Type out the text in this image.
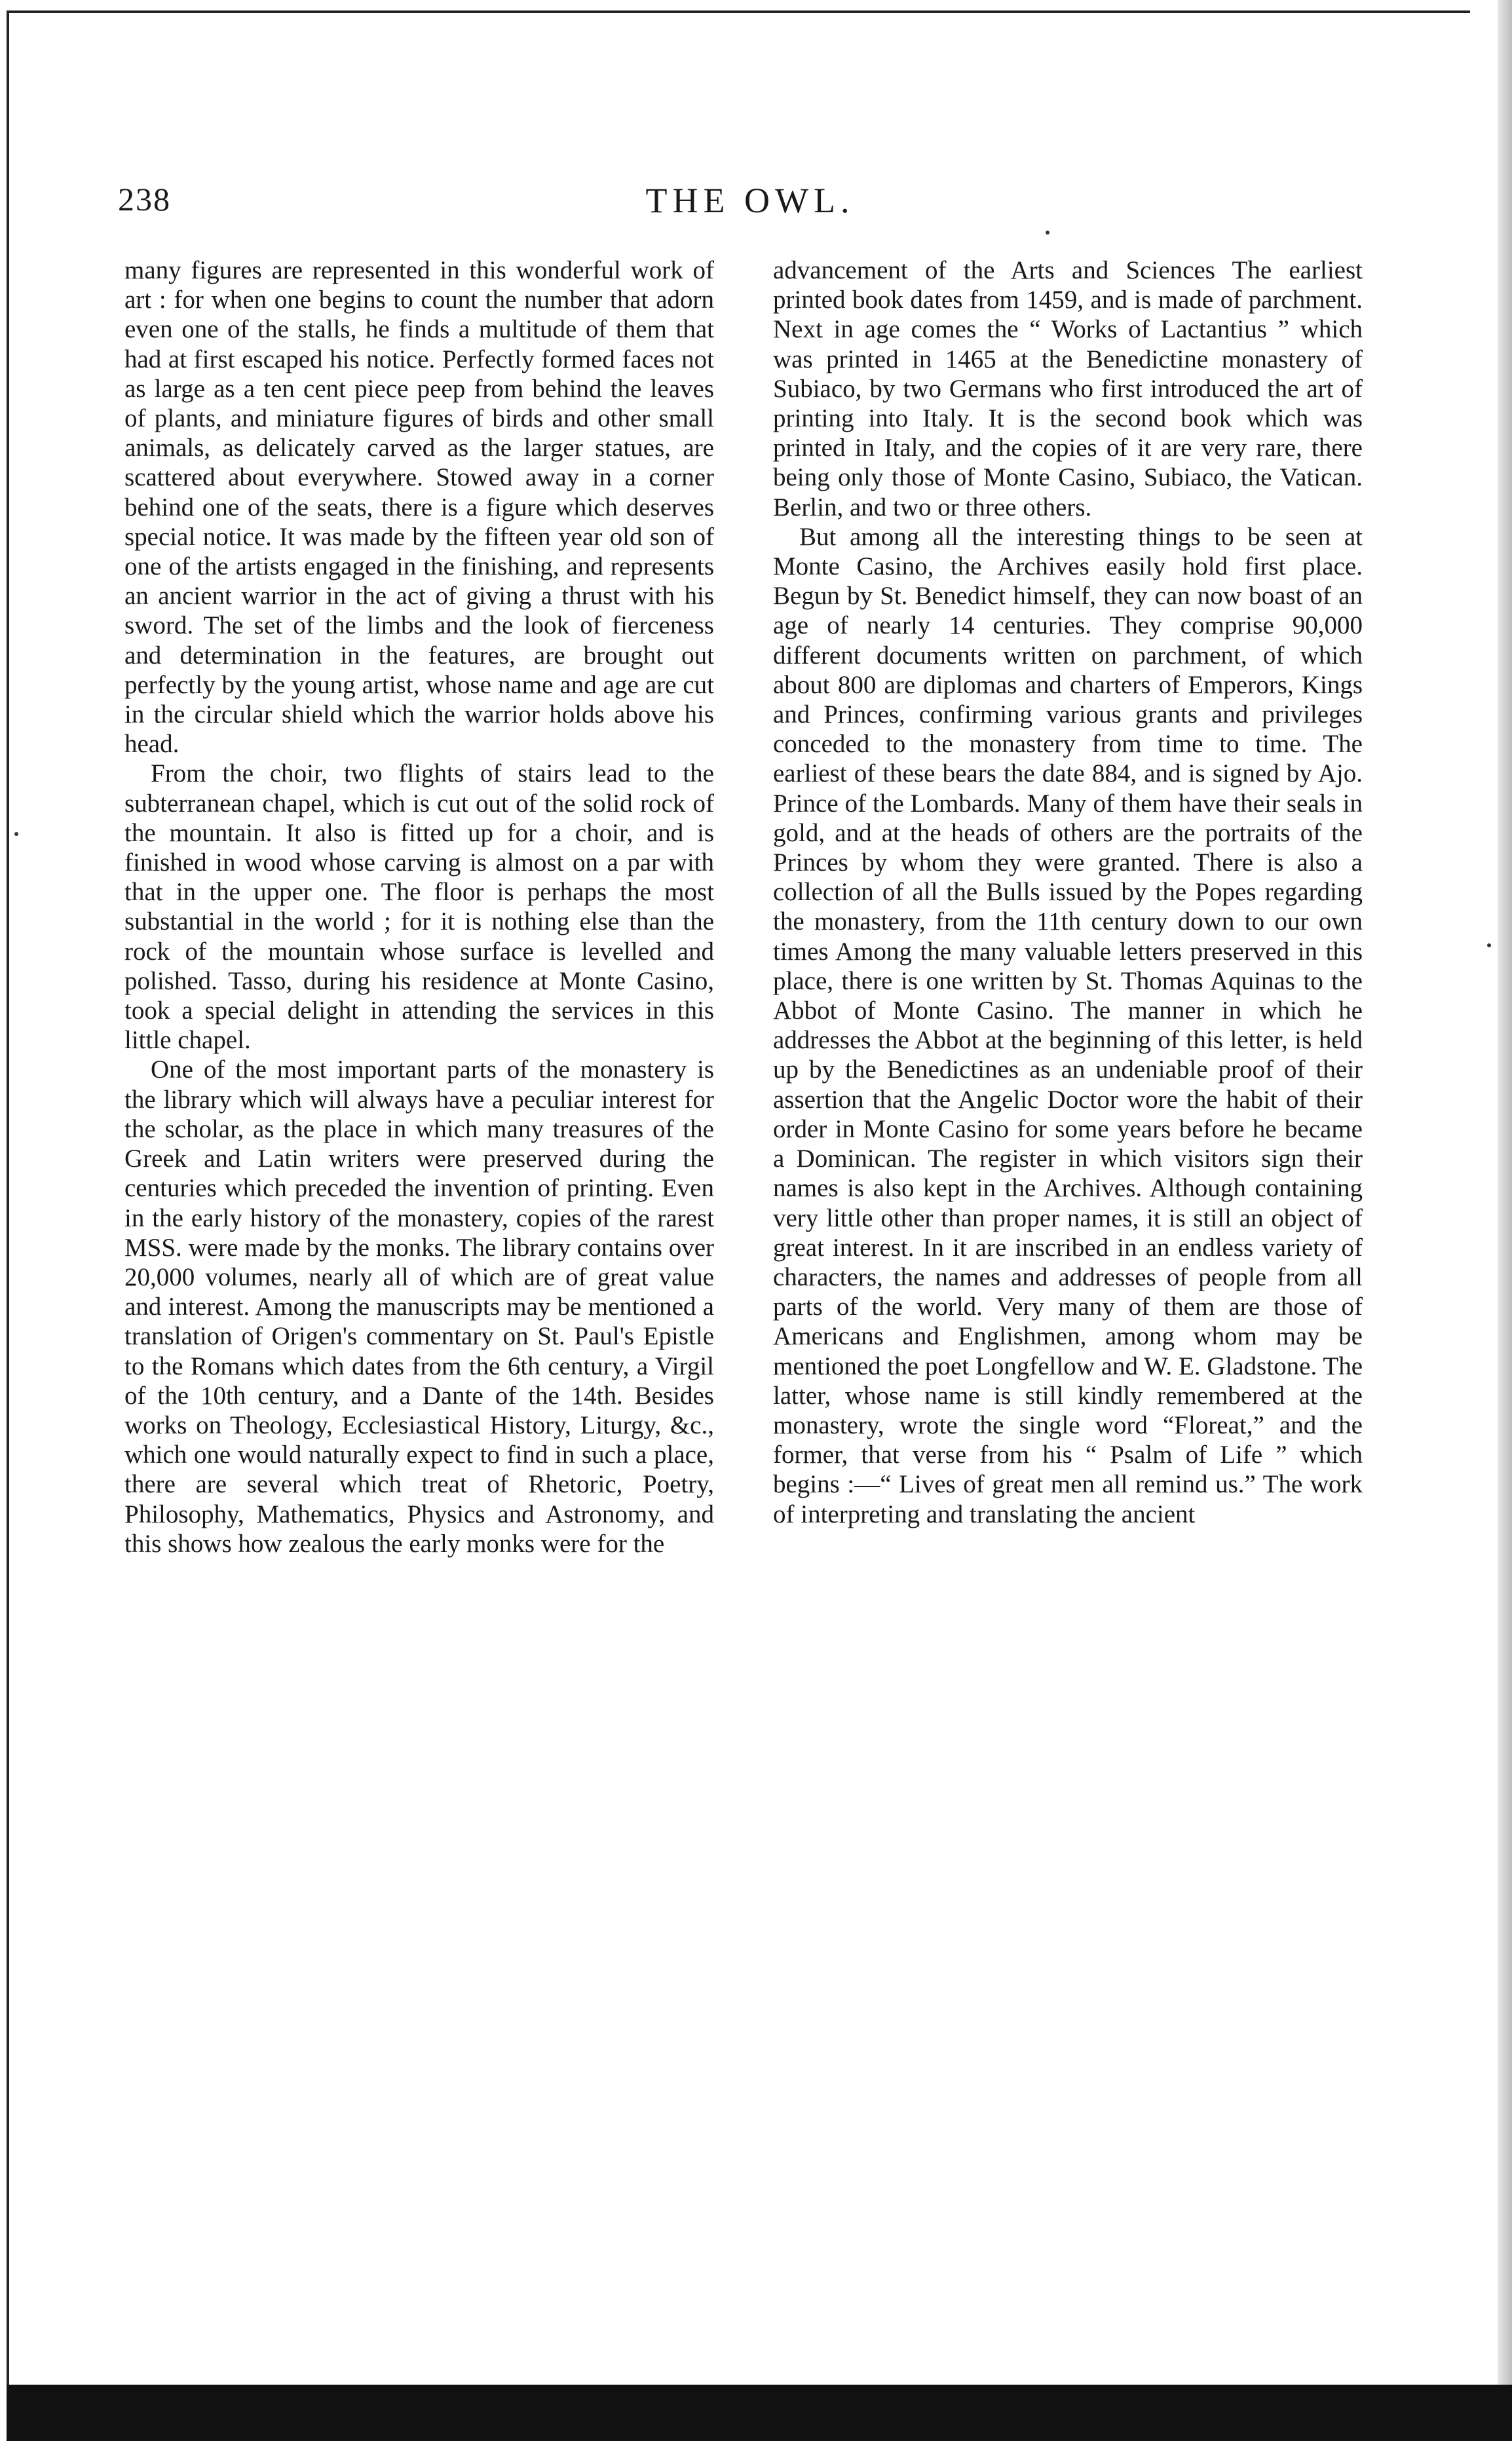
238	THE OWL.

many figures are represented in this wonderful work of art : for when one begins to count the number that adorn even one of the stalls, he finds a multitude of them that had at first escaped his notice. Perfectly formed faces not as large as a ten cent piece peep from behind the leaves of plants, and miniature figures of birds and other small animals, as delicately carved as the larger statues, are scattered about everywhere. Stowed away in a corner behind one of the seats, there is a figure which deserves special notice. It was made by the fifteen year old son of one of the artists engaged in the finishing, and represents an ancient warrior in the act of giving a thrust with his sword. The set of the limbs and the look of fierceness and determination in the features, are brought out perfectly by the young artist, whose name and age are cut in the circular shield which the warrior holds above his head.

From the choir, two flights of stairs lead to the subterranean chapel, which is cut out of the solid rock of the mountain. It also is fitted up for a choir, and is finished in wood whose carving is almost on a par with that in the upper one. The floor is perhaps the most substantial in the world ; for it is nothing else than the rock of the mountain whose surface is levelled and polished. Tasso, during his residence at Monte Casino, took a special delight in attending the services in this little chapel.

One of the most important parts of the monastery is the library which will always have a peculiar interest for the scholar, as the place in which many treasures of the Greek and Latin writers were preserved during the centuries which preceded the invention of printing. Even in the early history of the monastery, copies of the rarest MSS. were made by the monks. The library contains over 20,000 volumes, nearly all of which are of great value and interest. Among the manuscripts may be mentioned a translation of Origen's commentary on St. Paul's Epistle to the Romans which dates from the 6th century, a Virgil of the 10th century, and a Dante of the 14th. Besides works on Theology, Ecclesiastical History, Liturgy, &c., which one would naturally expect to find in such a place, there are several which treat of Rhetoric, Poetry, Philosophy, Mathematics, Physics and Astronomy, and this shows how zealous the early monks were for the

advancement of the Arts and Sciences The earliest printed book dates from 1459, and is made of parchment. Next in age comes the “ Works of Lactantius ” which was printed in 1465 at the Benedictine monastery of Subiaco, by two Germans who first introduced the art of printing into Italy. It is the second book which was printed in Italy, and the copies of it are very rare, there being only those of Monte Casino, Subiaco, the Vatican. Berlin, and two or three others.

But among all the interesting things to be seen at Monte Casino, the Archives easily hold first place. Begun by St. Benedict himself, they can now boast of an age of nearly 14 centuries. They comprise 90,000 different documents written on parchment, of which about 800 are diplomas and charters of Emperors, Kings and Princes, confirming various grants and privileges conceded to the monastery from time to time. The earliest of these bears the date 884, and is signed by Ajo. Prince of the Lombards. Many of them have their seals in gold, and at the heads of others are the portraits of the Princes by whom they were granted. There is also a collection of all the Bulls issued by the Popes regarding the monastery, from the 11th century down to our own times Among the many valuable letters preserved in this place, there is one written by St. Thomas Aquinas to the Abbot of Monte Casino. The manner in which he addresses the Abbot at the beginning of this letter, is held up by the Benedictines as an undeniable proof of their assertion that the Angelic Doctor wore the habit of their order in Monte Casino for some years before he became a Dominican. The register in which visitors sign their names is also kept in the Archives. Although containing very little other than proper names, it is still an object of great interest. In it are inscribed in an endless variety of characters, the names and addresses of people from all parts of the world. Very many of them are those of Americans and Englishmen, among whom may be mentioned the poet Longfellow and W. E. Gladstone. The latter, whose name is still kindly remembered at the monastery, wrote the single word “Floreat,” and the former, that verse from his “ Psalm of Life ” which begins :—“ Lives of great men all remind us.” The work of interpreting and translating the ancient
